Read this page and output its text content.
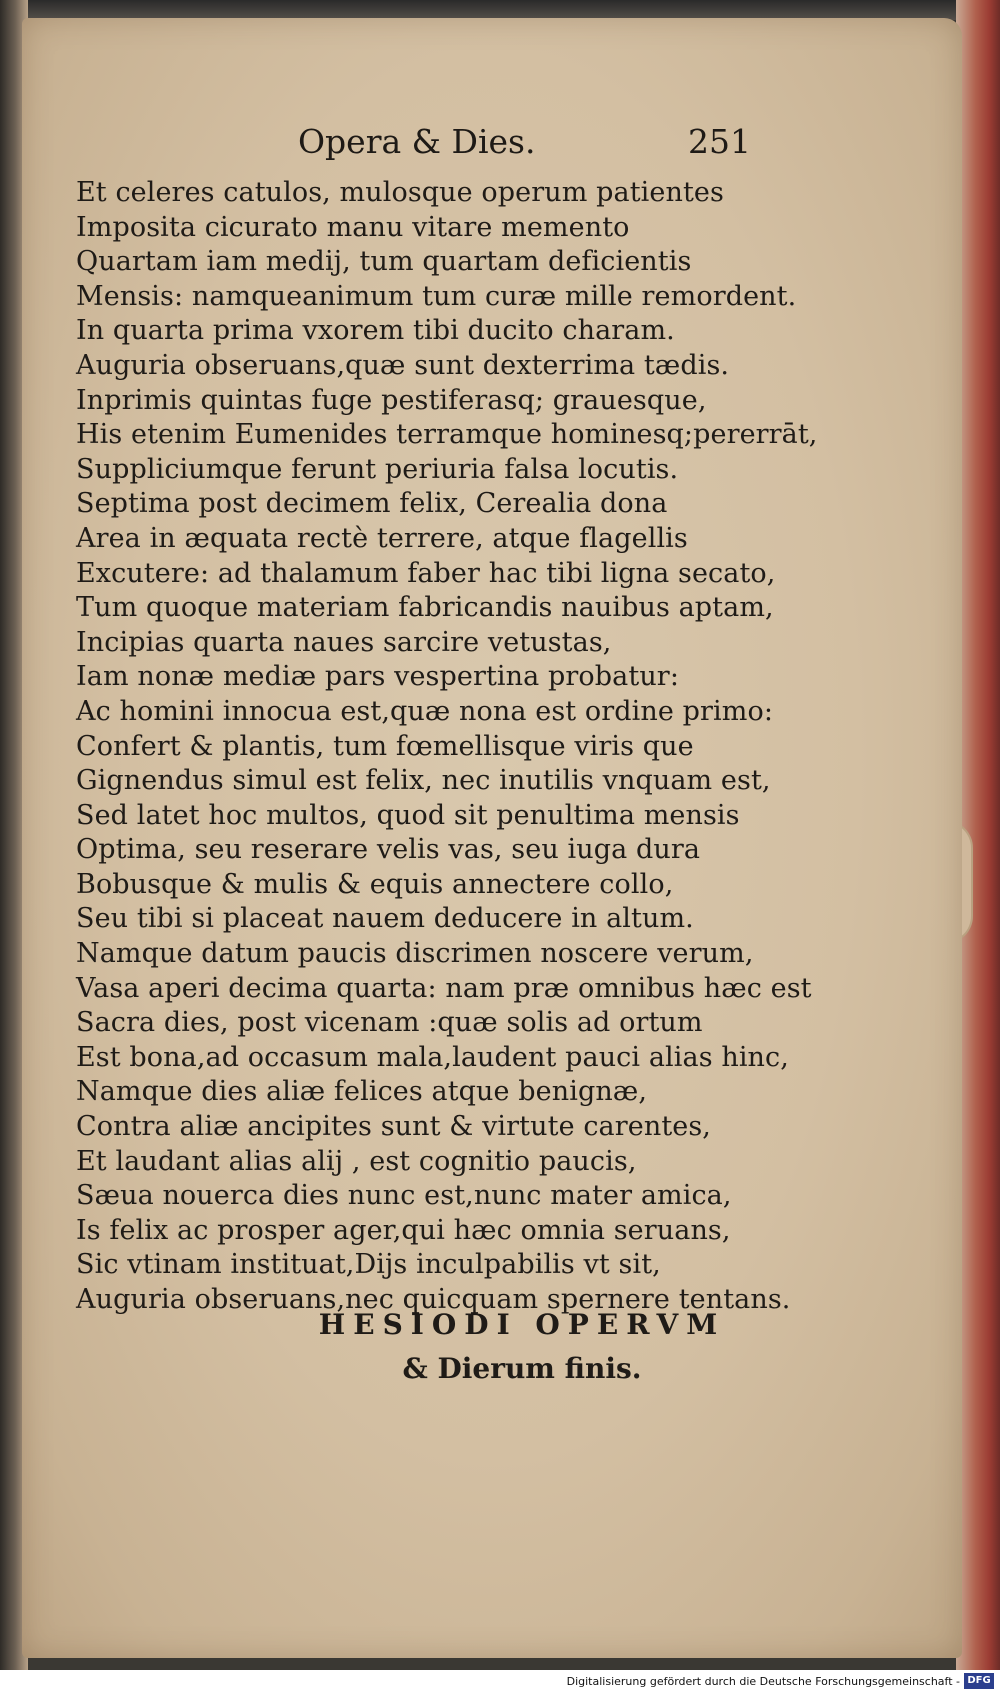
Opera & Dies.	251
Et celeres catulos, mulosque operum patientes
Imposita cicurato manu vitare memento
Quartam iam medij, tum quartam deficientis
Mensis: namqueanimum tum curæ mille remordent.
In quarta prima vxorem tibi ducito charam.
Auguria obseruans,quæ sunt dexterrima tædis.
Inprimis quintas fuge pestiferasq; grauesque,
His etenim Eumenides terramque hominesq;pererrāt,
Suppliciumque ferunt periuria falsa locutis.
Septima post decimem felix, Cerealia dona
Area in æquata rectè terrere, atque flagellis
Excutere: ad thalamum faber hac tibi ligna secato,
Tum quoque materiam fabricandis nauibus aptam,
Incipias quarta naues sarcire vetustas,
Iam nonæ mediæ pars vespertina probatur:
Ac homini innocua est,quæ nona est ordine primo:
Confert & plantis, tum fœmellisque viris que
Gignendus simul est felix, nec inutilis vnquam est,
Sed latet hoc multos, quod sit penultima mensis
Optima, seu reserare velis vas, seu iuga dura
Bobusque & mulis & equis annectere collo,
Seu tibi si placeat nauem deducere in altum.
Namque datum paucis discrimen noscere verum,
Vasa aperi decima quarta: nam præ omnibus hæc est
Sacra dies, post vicenam :quæ solis ad ortum
Est bona,ad occasum mala,laudent pauci alias hinc,
Namque dies aliæ felices atque benignæ,
Contra aliæ ancipites sunt & virtute carentes,
Et laudant alias alij , est cognitio paucis,
Sæua nouerca dies nunc est,nunc mater amica,
Is felix ac prosper ager,qui hæc omnia seruans,
Sic vtinam instituat,Dijs inculpabilis vt sit,
Auguria obseruans,nec quicquam spernere tentans.
HESIODI OPERVM
& Dierum finis.
Digitalisierung gefördert durch die Deutsche Forschungsgemeinschaft - DFG
